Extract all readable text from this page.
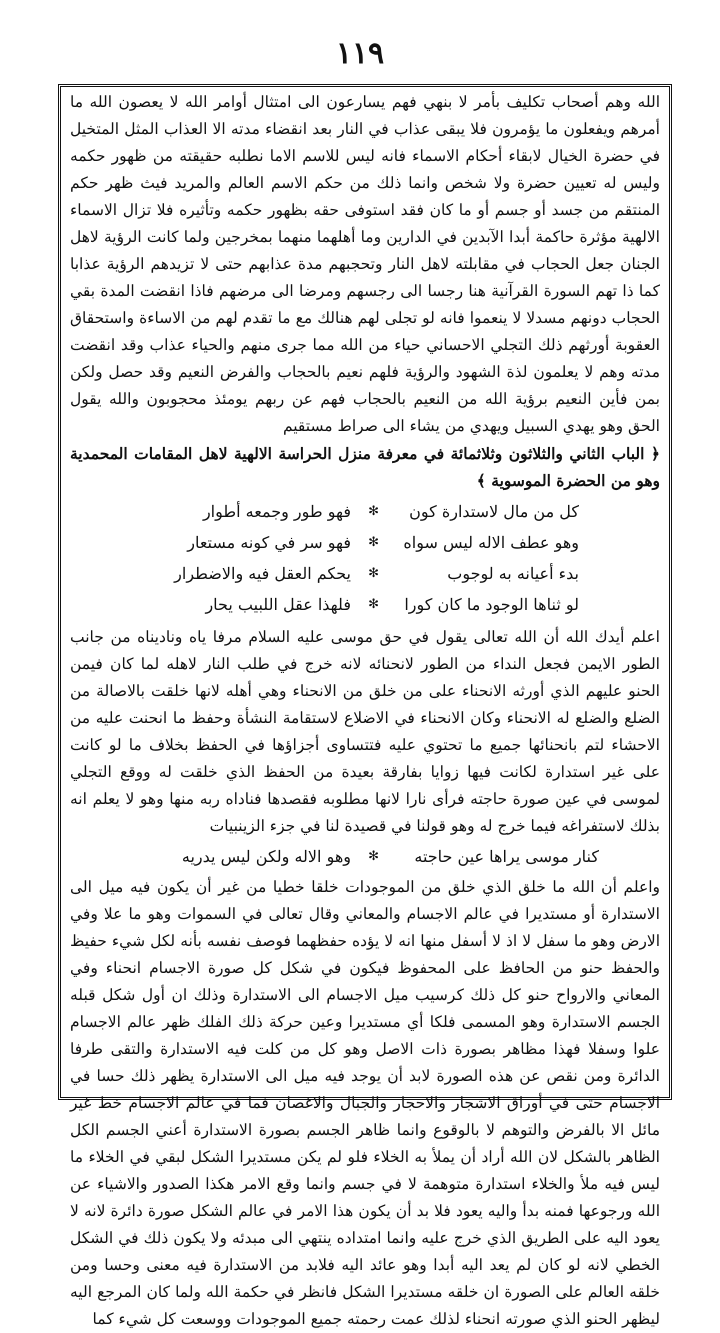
١١٩

الله وهم أصحاب تكليف بأمر لا بنهي فهم يسارعون الى امتثال أوامر الله لا يعصون الله ما أمرهم ويفعلون ما يؤمرون فلا يبقى عذاب في النار بعد انقضاء مدته الا العذاب المثل المتخيل في حضرة الخيال لابقاء أحكام الاسماء فانه ليس للاسم الاما نطلبه حقيقته من ظهور حكمه وليس له تعيين حضرة ولا شخص وانما ذلك من حكم الاسم العالم والمريد فيث ظهر حكم المنتقم من جسد أو جسم أو ما كان فقد استوفى حقه بظهور حكمه وتأثيره فلا تزال الاسماء الالهية مؤثرة حاكمة أبدا الآبدين في الدارين وما أهلهما منهما بمخرجين ولما كانت الرؤية لاهل الجنان جعل الحجاب في مقابلته لاهل النار وتحجبهم مدة عذابهم حتى لا تزيدهم الرؤية عذابا كما ذا تهم السورة القرآنية هنا رجسا الى رجسهم ومرضا الى مرضهم فاذا انقضت المدة بقي الحجاب دونهم مسدلا لا ينعموا فانه لو تجلى لهم هنالك مع ما تقدم لهم من الاساءة واستحقاق العقوبة أورثهم ذلك التجلي الاحساني حياء من الله مما جرى منهم والحياء عذاب وقد انقضت مدته وهم لا يعلمون لذة الشهود والرؤية فلهم نعيم بالحجاب والفرض النعيم وقد حصل ولكن بمن فأين النعيم برؤية الله من النعيم بالحجاب فهم عن ربهم يومئذ محجوبون والله يقول الحق وهو يهدي السبيل ويهدي من يشاء الى صراط مستقيم

﴿ الباب الثاني والثلاثون وثلاثمائة في معرفة منزل الحراسة الالهية لاهل المقامات المحمدية وهو من الحضرة الموسوية ﴾

كل من مال لاستدارة كون
✻
فهو طور وجمعه أطوار
وهو عطف الاله ليس سواه
✻
فهو سر في كونه مستعار
بدء أعيانه به لوجوب
✻
يحكم العقل فيه والاضطرار
لو ثناها الوجود ما كان كورا
✻
فلهذا عقل اللبيب يحار

اعلم أيدك الله أن الله تعالى يقول في حق موسى عليه السلام مرفا ياه وناديناه من جانب الطور الايمن فجعل النداء من الطور لانحنائه لانه خرج في طلب النار لاهله لما كان فيمن الحنو عليهم الذي أورثه الانحناء على من خلق من الانحناء وهي أهله لانها خلقت بالاصالة من الضلع والضلع له الانحناء وكان الانحناء في الاضلاع لاستقامة النشأة وحفظ ما انحنت عليه من الاحشاء لتم بانحنائها جميع ما تحتوي عليه فتتساوى أجزاؤها في الحفظ بخلاف ما لو كانت على غير استدارة لكانت فيها زوايا بفارقة بعيدة من الحفظ الذي خلقت له ووقع التجلي لموسى في عين صورة حاجته فرأى نارا لانها مطلوبه فقصدها فناداه ربه منها وهو لا يعلم انه بذلك لاستفراغه فيما خرج له وهو قولنا في قصيدة لنا في جزء الزينبيات

كنار موسى يراها عين حاجته
✻
وهو الاله ولكن ليس يدريه

واعلم أن الله ما خلق الذي خلق من الموجودات خلقا خطيا من غير أن يكون فيه ميل الى الاستدارة أو مستديرا في عالم الاجسام والمعاني وقال تعالى في السموات وهو ما علا وفي الارض وهو ما سفل لا اذ لا أسفل منها انه لا يؤده حفظهما فوصف نفسه بأنه لكل شيء حفيظ والحفظ حنو من الحافظ على المحفوظ فيكون في شكل كل صورة الاجسام انحناء وفي المعاني والارواح حنو كل ذلك كرسيب ميل الاجسام الى الاستدارة وذلك ان أول شكل قبله الجسم الاستدارة وهو المسمى فلكا أي مستديرا وعين حركة ذلك الفلك ظهر عالم الاجسام علوا وسفلا فهذا مظاهر بصورة ذات الاصل وهو كل من كلت فيه الاستدارة والتقى طرفا الدائرة ومن نقص عن هذه الصورة لابد أن يوجد فيه ميل الى الاستدارة يظهر ذلك حسا في الاجسام حتى في أوراق الاشجار والاحجار والجبال والاغصان فما في عالم الاجسام خط غير مائل الا بالفرض والتوهم لا بالوقوع وانما ظاهر الجسم بصورة الاستدارة أعني الجسم الكل الظاهر بالشكل لان الله أراد أن يملأ به الخلاء فلو لم يكن مستديرا الشكل لبقي في الخلاء ما ليس فيه ملأ والخلاء استدارة متوهمة لا في جسم وانما وقع الامر هكذا الصدور والاشياء عن الله ورجوعها فمنه بدأ واليه يعود فلا بد أن يكون هذا الامر في عالم الشكل صورة دائرة لانه لا يعود اليه على الطريق الذي خرج عليه وانما امتداده ينتهي الى مبدئه ولا يكون ذلك في الشكل الخطي لانه لو كان لم يعد اليه أبدا وهو عائد اليه فلابد من الاستدارة فيه معنى وحسا ومن خلقه العالم على الصورة ان خلقه مستديرا الشكل فانظر في حكمة الله ولما كان المرجع اليه ليظهر الحنو الذي صورته انحناء لذلك عمت رحمته جميع الموجودات ووسعت كل شيء كما
